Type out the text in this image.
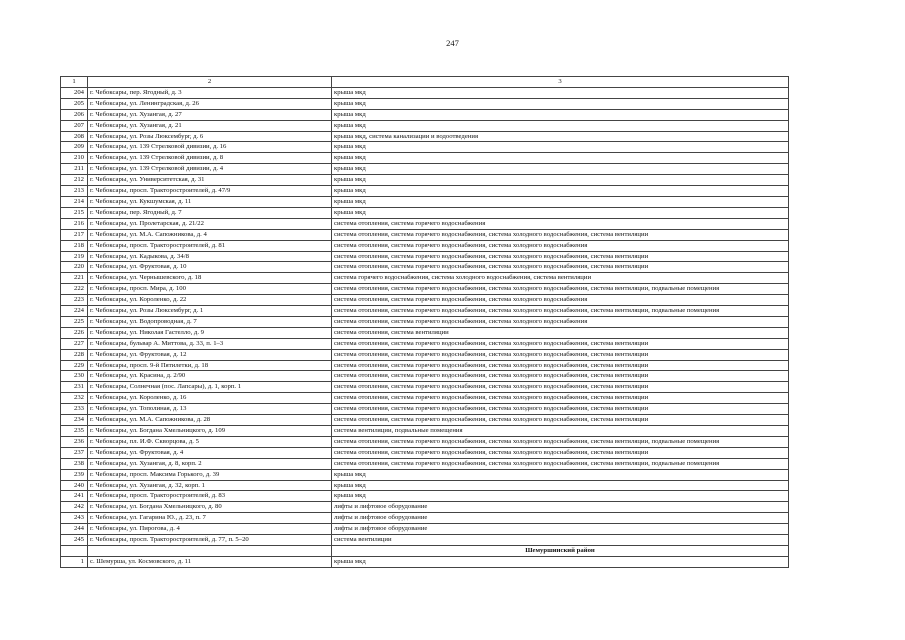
247
1	2	3
204	г. Чебоксары, пер. Ягодный, д. 3	крыша мкд
205	г. Чебоксары, ул. Ленинградская, д. 26	крыша мкд
206	г. Чебоксары, ул. Хузангая, д. 27	крыша мкд
207	г. Чебоксары, ул. Хузангая, д. 21	крыша мкд
208	г. Чебоксары, ул. Розы Люксембург, д. 6	крыша мкд, система канализации и водоотведения
209	г. Чебоксары, ул. 139 Стрелковой дивизии, д. 16	крыша мкд
210	г. Чебоксары, ул. 139 Стрелковой дивизии, д. 8	крыша мкд
211	г. Чебоксары, ул. 139 Стрелковой дивизии, д. 4	крыша мкд
212	г. Чебоксары, ул. Университетская, д. 31	крыша мкд
213	г. Чебоксары, просп. Тракторостроителей, д. 47/9	крыша мкд
214	г. Чебоксары, ул. Кукшумская, д. 11	крыша мкд
215	г. Чебоксары, пер. Ягодный, д. 7	крыша мкд
216	г. Чебоксары, ул. Пролетарская, д. 21/22	система отопления, система горячего водоснабжения
217	г. Чебоксары, ул. М.А. Сапожникова, д. 4	система отопления, система горячего водоснабжения, система холодного водоснабжения, система вентиляции
218	г. Чебоксары, просп. Тракторостроителей, д. 81	система отопления, система горячего водоснабжения, система холодного водоснабжения
219	г. Чебоксары, ул. Кадыкова, д. 34/8	система отопления, система горячего водоснабжения, система холодного водоснабжения, система вентиляции
220	г. Чебоксары, ул. Фруктовая, д. 10	система отопления, система горячего водоснабжения, система холодного водоснабжения, система вентиляции
221	г. Чебоксары, ул. Чернышевского, д. 18	система горячего водоснабжения, система холодного водоснабжения, система вентиляции
222	г. Чебоксары, просп. Мира, д. 100	система отопления, система горячего водоснабжения, система холодного водоснабжения, система вентиляции, подвальные помещения
223	г. Чебоксары, ул. Короленко, д. 22	система отопления, система горячего водоснабжения, система холодного водоснабжения
224	г. Чебоксары, ул. Розы Люксембург, д. 1	система отопления, система горячего водоснабжения, система холодного водоснабжения, система вентиляции, подвальные помещения
225	г. Чебоксары, ул. Водопроводная, д. 7	система отопления, система горячего водоснабжения, система холодного водоснабжения
226	г. Чебоксары, ул. Николая Гастелло, д. 9	система отопления, система вентиляции
227	г. Чебоксары, бульвар А. Миттова, д. 33, п. 1–3	система отопления, система горячего водоснабжения, система холодного водоснабжения, система вентиляции
228	г. Чебоксары, ул. Фруктовая, д. 12	система отопления, система горячего водоснабжения, система холодного водоснабжения, система вентиляции
229	г. Чебоксары, просп. 9-й Пятилетки, д. 18	система отопления, система горячего водоснабжения, система холодного водоснабжения, система вентиляции
230	г. Чебоксары, ул. Красина, д. 2/90	система отопления, система горячего водоснабжения, система холодного водоснабжения, система вентиляции
231	г. Чебоксары, Солнечная (пос. Лапсары), д. 1, корп. 1	система отопления, система горячего водоснабжения, система холодного водоснабжения, система вентиляции
232	г. Чебоксары, ул. Короленко, д. 16	система отопления, система горячего водоснабжения, система холодного водоснабжения, система вентиляции
233	г. Чебоксары, ул. Тополиная, д. 13	система отопления, система горячего водоснабжения, система холодного водоснабжения, система вентиляции
234	г. Чебоксары, ул. М.А. Сапожникова, д. 28	система отопления, система горячего водоснабжения, система холодного водоснабжения, система вентиляции
235	г. Чебоксары, ул. Богдана Хмельницкого, д. 109	система вентиляции, подвальные помещения
236	г. Чебоксары, пл. И.Ф. Скворцова, д. 5	система отопления, система горячего водоснабжения, система холодного водоснабжения, система вентиляции, подвальные помещения
237	г. Чебоксары, ул. Фруктовая, д. 4	система отопления, система горячего водоснабжения, система холодного водоснабжения, система вентиляции
238	г. Чебоксары, ул. Хузангая, д. 8, корп. 2	система отопления, система горячего водоснабжения, система холодного водоснабжения, система вентиляции, подвальные помещения
239	г. Чебоксары, просп. Максима Горького, д. 39	крыша мкд
240	г. Чебоксары, ул. Хузангая, д. 32, корп. 1	крыша мкд
241	г. Чебоксары, просп. Тракторостроителей, д. 83	крыша мкд
242	г. Чебоксары, ул. Богдана Хмельницкого, д. 80	лифты и лифтовое оборудование
243	г. Чебоксары, ул. Гагарина Ю., д. 23, п. 7	лифты и лифтовое оборудование
244	г. Чебоксары, ул. Пирогова, д. 4	лифты и лифтовое оборудование
245	г. Чебоксары, просп. Тракторостроителей, д. 77, п. 5–20	система вентиляции
		Шемуршинский район
1	с. Шемурша, ул. Космовского, д. 11	крыша мкд
